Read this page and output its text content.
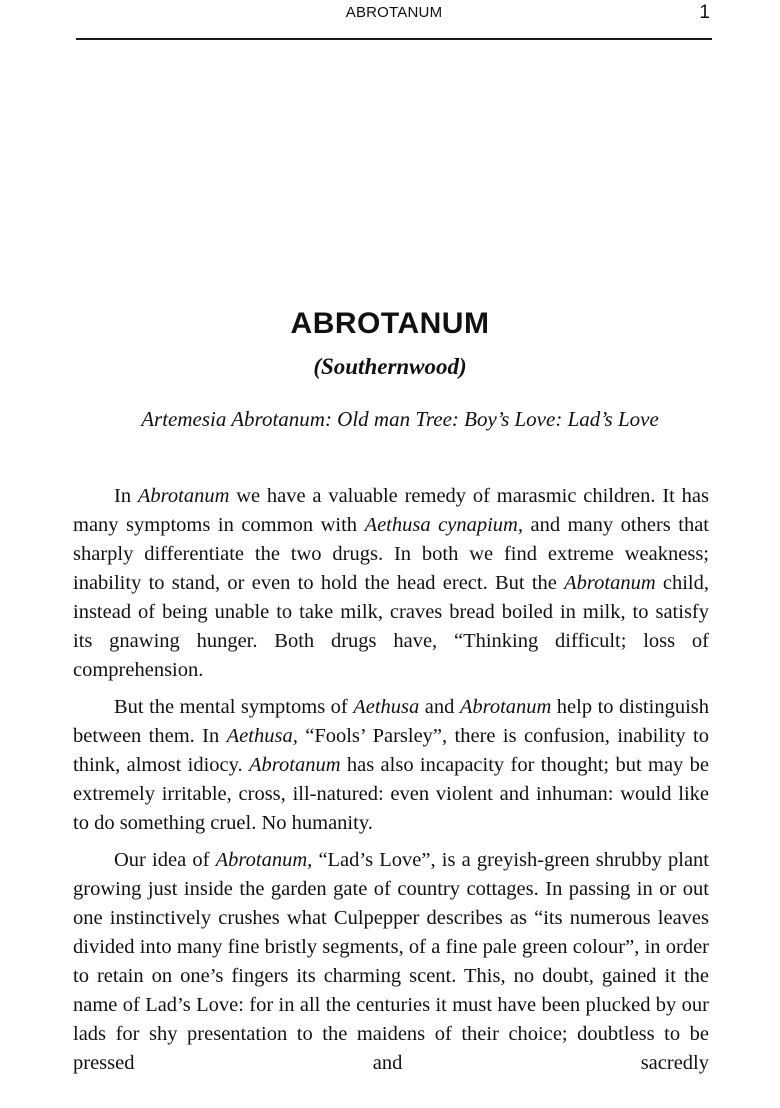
ABROTANUM	1
ABROTANUM
(Southernwood)
Artemesia Abrotanum: Old man Tree: Boy’s Love: Lad’s Love

In Abrotanum we have a valuable remedy of marasmic children. It has many symptoms in common with Aethusa cynapium, and many others that sharply differentiate the two drugs. In both we find extreme weakness; inability to stand, or even to hold the head erect. But the Abrotanum child, instead of being unable to take milk, craves bread boiled in milk, to satisfy its gnawing hunger. Both drugs have, “Thinking difficult; loss of comprehension.

But the mental symptoms of Aethusa and Abrotanum help to distinguish between them. In Aethusa, “Fools’ Parsley”, there is confusion, inability to think, almost idiocy. Abrotanum has also incapacity for thought; but may be extremely irritable, cross, ill-natured: even violent and inhuman: would like to do something cruel. No humanity.

Our idea of Abrotanum, “Lad’s Love”, is a greyish-green shrubby plant growing just inside the garden gate of country cottages. In passing in or out one instinctively crushes what Culpepper describes as “its numerous leaves divided into many fine bristly segments, of a fine pale green colour”, in order to retain on one’s fingers its charming scent. This, no doubt, gained it the name of Lad’s Love: for in all the centuries it must have been plucked by our lads for shy presentation to the maidens of their choice; doubtless to be pressed and sacredly
